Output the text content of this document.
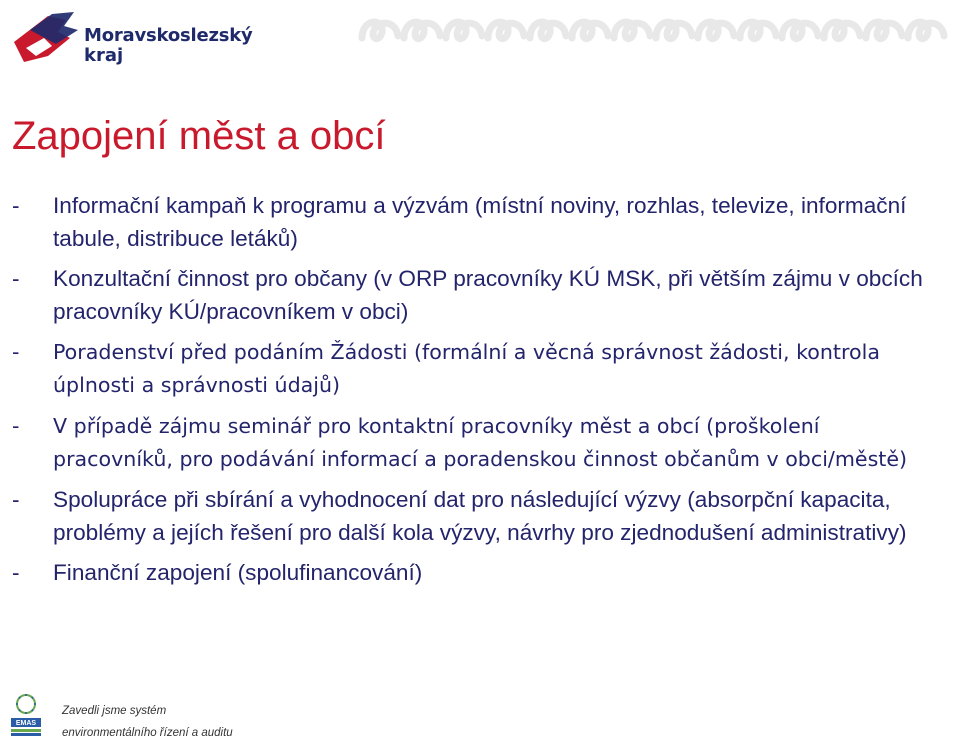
Moravskoslezský
kraj
Zapojení měst a obcí
- Informační kampaň k programu a výzvám (místní noviny, rozhlas, televize, informační tabule, distribuce letáků)
- Konzultační činnost pro občany (v ORP pracovníky KÚ MSK, při větším zájmu v obcích pracovníky KÚ/pracovníkem v obci)
- Poradenství před podáním Žádosti (formální a věcná správnost žádosti, kontrola úplnosti a správnosti údajů)
- V případě zájmu seminář pro kontaktní pracovníky měst a obcí (proškolení pracovníků, pro podávání informací a poradenskou činnost občanům v obci/městě)
- Spolupráce při sbírání a vyhodnocení dat pro následující výzvy (absorpční kapacita, problémy a jejích řešení pro další kola výzvy, návrhy pro zjednodušení administrativy)
- Finanční zapojení (spolufinancování)
EMAS
Zavedli jsme systém
environmentálního řízení a auditu
